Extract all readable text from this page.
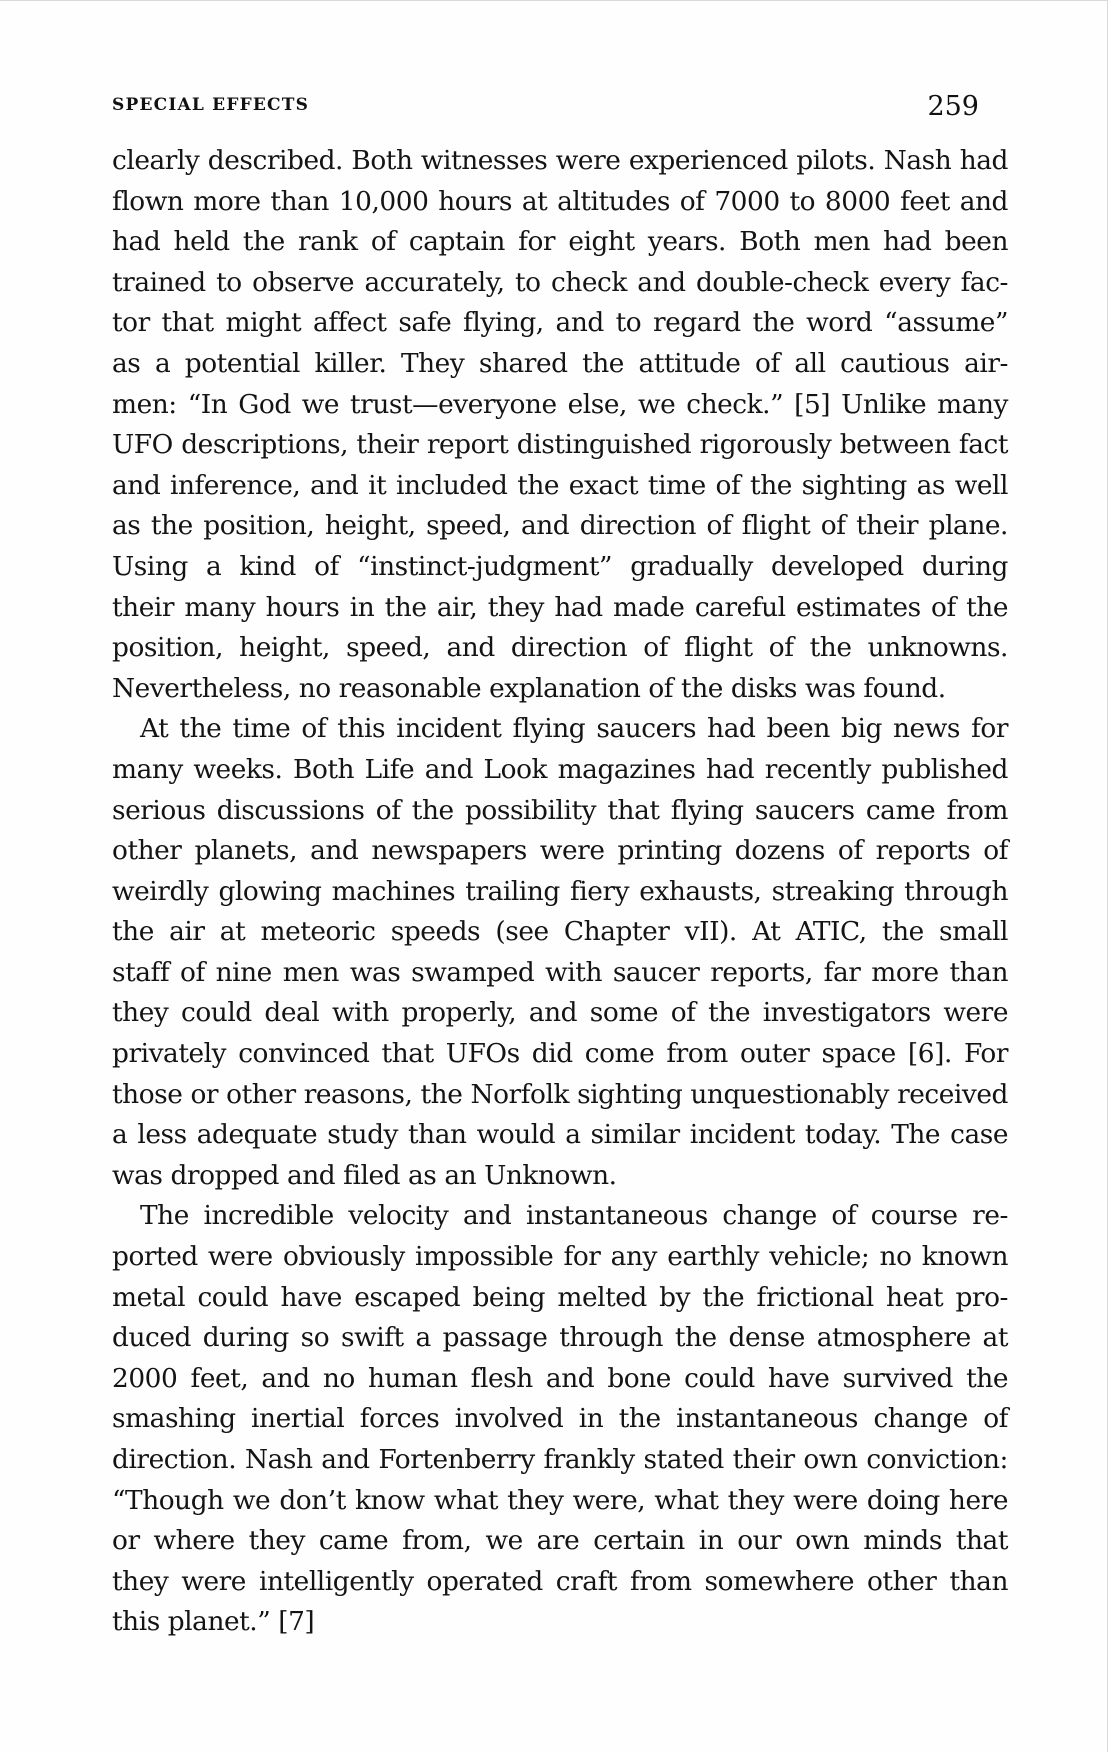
SPECIAL EFFECTS	259
clearly described. Both witnesses were experienced pilots. Nash had
flown more than 10,000 hours at altitudes of 7000 to 8000 feet and
had held the rank of captain for eight years. Both men had been
trained to observe accurately, to check and double-check every fac-
tor that might affect safe flying, and to regard the word “assume”
as a potential killer. They shared the attitude of all cautious air-
men: “In God we trust—everyone else, we check.” [5] Unlike many
UFO descriptions, their report distinguished rigorously between fact
and inference, and it included the exact time of the sighting as well
as the position, height, speed, and direction of flight of their plane.
Using a kind of “instinct-judgment” gradually developed during
their many hours in the air, they had made careful estimates of the
position, height, speed, and direction of flight of the unknowns.
Nevertheless, no reasonable explanation of the disks was found.
At the time of this incident flying saucers had been big news for
many weeks. Both Life and Look magazines had recently published
serious discussions of the possibility that flying saucers came from
other planets, and newspapers were printing dozens of reports of
weirdly glowing machines trailing fiery exhausts, streaking through
the air at meteoric speeds (see Chapter vII). At ATIC, the small
staff of nine men was swamped with saucer reports, far more than
they could deal with properly, and some of the investigators were
privately convinced that UFOs did come from outer space [6]. For
those or other reasons, the Norfolk sighting unquestionably received
a less adequate study than would a similar incident today. The case
was dropped and filed as an Unknown.
The incredible velocity and instantaneous change of course re-
ported were obviously impossible for any earthly vehicle; no known
metal could have escaped being melted by the frictional heat pro-
duced during so swift a passage through the dense atmosphere at
2000 feet, and no human flesh and bone could have survived the
smashing inertial forces involved in the instantaneous change of
direction. Nash and Fortenberry frankly stated their own conviction:
“Though we don’t know what they were, what they were doing here
or where they came from, we are certain in our own minds that
they were intelligently operated craft from somewhere other than
this planet.” [7]
